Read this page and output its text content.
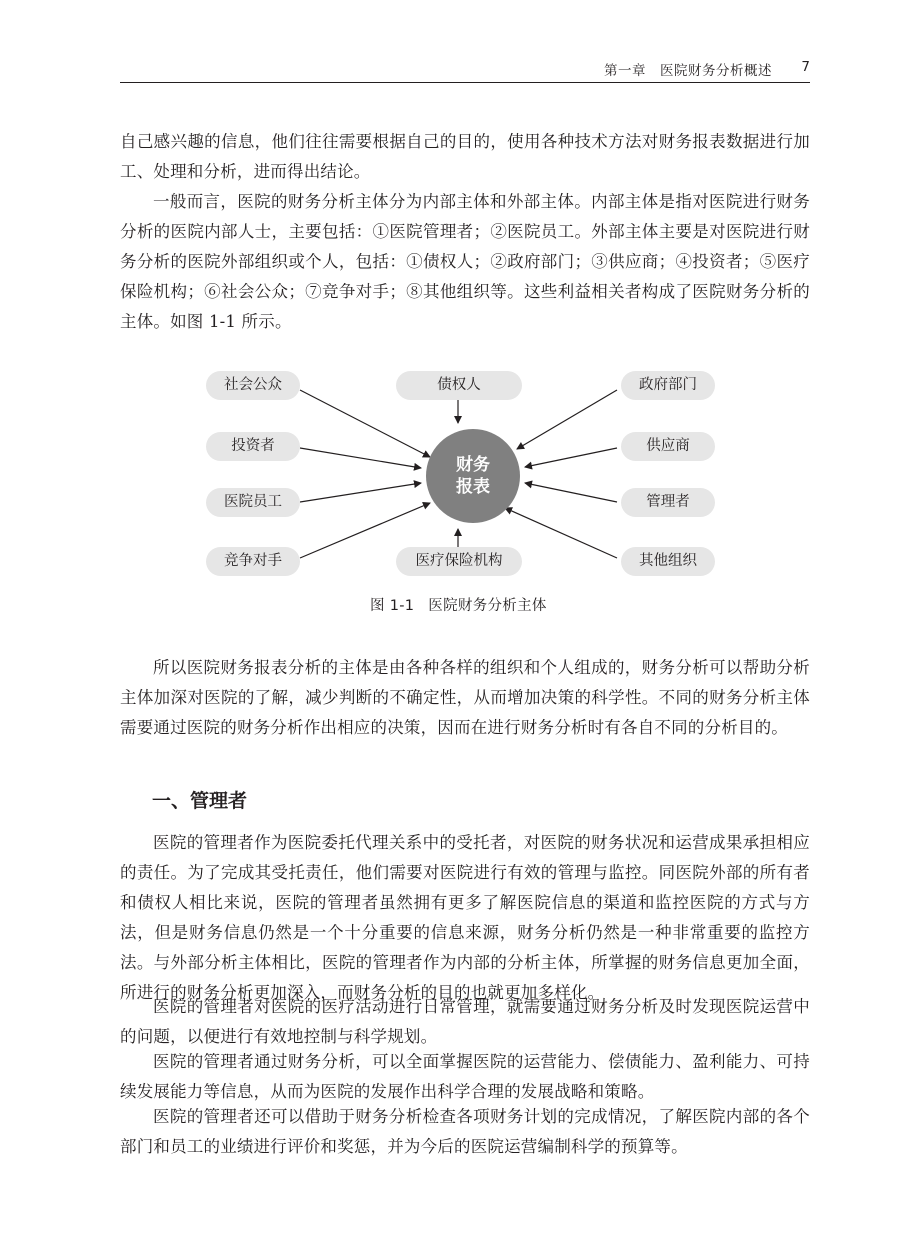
第一章　医院财务分析概述 7

自己感兴趣的信息，他们往往需要根据自己的目的，使用各种技术方法对财务报表数据进行加工、处理和分析，进而得出结论。

一般而言，医院的财务分析主体分为内部主体和外部主体。内部主体是指对医院进行财务分析的医院内部人士，主要包括：①医院管理者；②医院员工。外部主体主要是对医院进行财务分析的医院外部组织或个人，包括：①债权人；②政府部门；③供应商；④投资者；⑤医疗保险机构；⑥社会公众；⑦竞争对手；⑧其他组织等。这些利益相关者构成了医院财务分析的主体。如图 1-1 所示。

财务
报表
社会公众	债权人	政府部门
投资者	供应商
医院员工	管理者
竞争对手	医疗保险机构	其他组织
图 1-1 医院财务分析主体

所以医院财务报表分析的主体是由各种各样的组织和个人组成的，财务分析可以帮助分析主体加深对医院的了解，减少判断的不确定性，从而增加决策的科学性。不同的财务分析主体需要通过医院的财务分析作出相应的决策，因而在进行财务分析时有各自不同的分析目的。

一、管理者

医院的管理者作为医院委托代理关系中的受托者，对医院的财务状况和运营成果承担相应的责任。为了完成其受托责任，他们需要对医院进行有效的管理与监控。同医院外部的所有者和债权人相比来说，医院的管理者虽然拥有更多了解医院信息的渠道和监控医院的方式与方法，但是财务信息仍然是一个十分重要的信息来源，财务分析仍然是一种非常重要的监控方法。与外部分析主体相比，医院的管理者作为内部的分析主体，所掌握的财务信息更加全面，所进行的财务分析更加深入，而财务分析的目的也就更加多样化。

医院的管理者对医院的医疗活动进行日常管理，就需要通过财务分析及时发现医院运营中的问题，以便进行有效地控制与科学规划。

医院的管理者通过财务分析，可以全面掌握医院的运营能力、偿债能力、盈利能力、可持续发展能力等信息，从而为医院的发展作出科学合理的发展战略和策略。

医院的管理者还可以借助于财务分析检查各项财务计划的完成情况，了解医院内部的各个部门和员工的业绩进行评价和奖惩，并为今后的医院运营编制科学的预算等。
